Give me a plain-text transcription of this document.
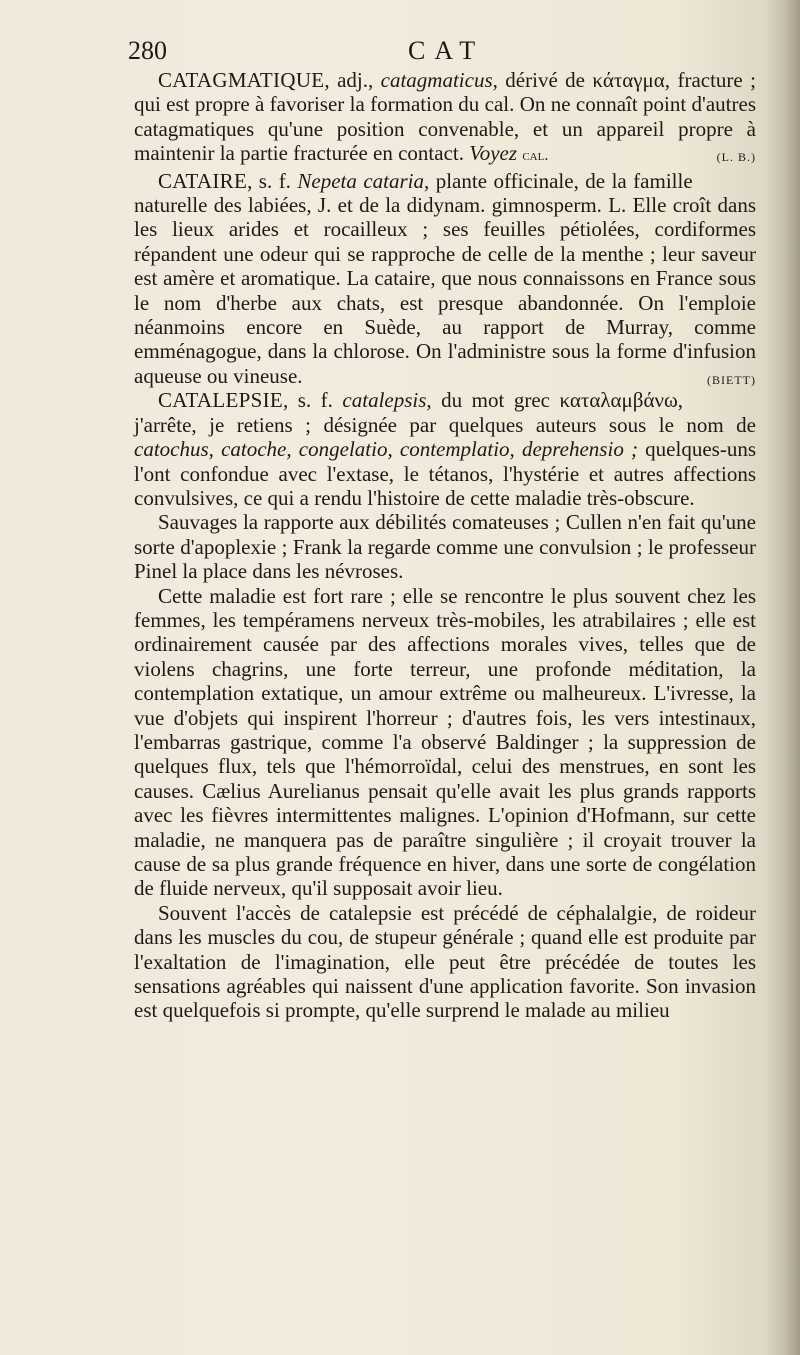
280	CAT

CATAGMATIQUE, adj., catagmaticus, dérivé de κάταγμα, fracture ; qui est propre à favoriser la formation du cal. On ne connaît point d'autres catagmatiques qu'une position convenable, et un appareil propre à maintenir la partie fracturée en contact. Voyez cal.	(L. B.)

CATAIRE, s. f. Nepeta cataria, plante officinale, de la famille naturelle des labiées, J. et de la didynam. gimnosperm. L. Elle croît dans les lieux arides et rocailleux ; ses feuilles pétiolées, cordiformes répandent une odeur qui se rapproche de celle de la menthe ; leur saveur est amère et aromatique. La cataire, que nous connaissons en France sous le nom d'herbe aux chats, est presque abandonnée. On l'emploie néanmoins encore en Suède, au rapport de Murray, comme emménagogue, dans la chlorose. On l'administre sous la forme d'infusion aqueuse ou vineuse.	(BIETT)

CATALEPSIE, s. f. catalepsis, du mot grec καταλαμβάνω, j'arrête, je retiens ; désignée par quelques auteurs sous le nom de catochus, catoche, congelatio, contemplatio, deprehensio ; quelques-uns l'ont confondue avec l'extase, le tétanos, l'hystérie et autres affections convulsives, ce qui a rendu l'histoire de cette maladie très-obscure.

Sauvages la rapporte aux débilités comateuses ; Cullen n'en fait qu'une sorte d'apoplexie ; Frank la regarde comme une convulsion ; le professeur Pinel la place dans les névroses.

Cette maladie est fort rare ; elle se rencontre le plus souvent chez les femmes, les tempéramens nerveux très-mobiles, les atrabilaires ; elle est ordinairement causée par des affections morales vives, telles que de violens chagrins, une forte terreur, une profonde méditation, la contemplation extatique, un amour extrême ou malheureux. L'ivresse, la vue d'objets qui inspirent l'horreur ; d'autres fois, les vers intestinaux, l'embarras gastrique, comme l'a observé Baldinger ; la suppression de quelques flux, tels que l'hémorroïdal, celui des menstrues, en sont les causes. Cælius Aurelianus pensait qu'elle avait les plus grands rapports avec les fièvres intermittentes malignes. L'opinion d'Hofmann, sur cette maladie, ne manquera pas de paraître singulière ; il croyait trouver la cause de sa plus grande fréquence en hiver, dans une sorte de congélation de fluide nerveux, qu'il supposait avoir lieu.

Souvent l'accès de catalepsie est précédé de céphalalgie, de roideur dans les muscles du cou, de stupeur générale ; quand elle est produite par l'exaltation de l'imagination, elle peut être précédée de toutes les sensations agréables qui naissent d'une application favorite. Son invasion est quelquefois si prompte, qu'elle surprend le malade au milieu
